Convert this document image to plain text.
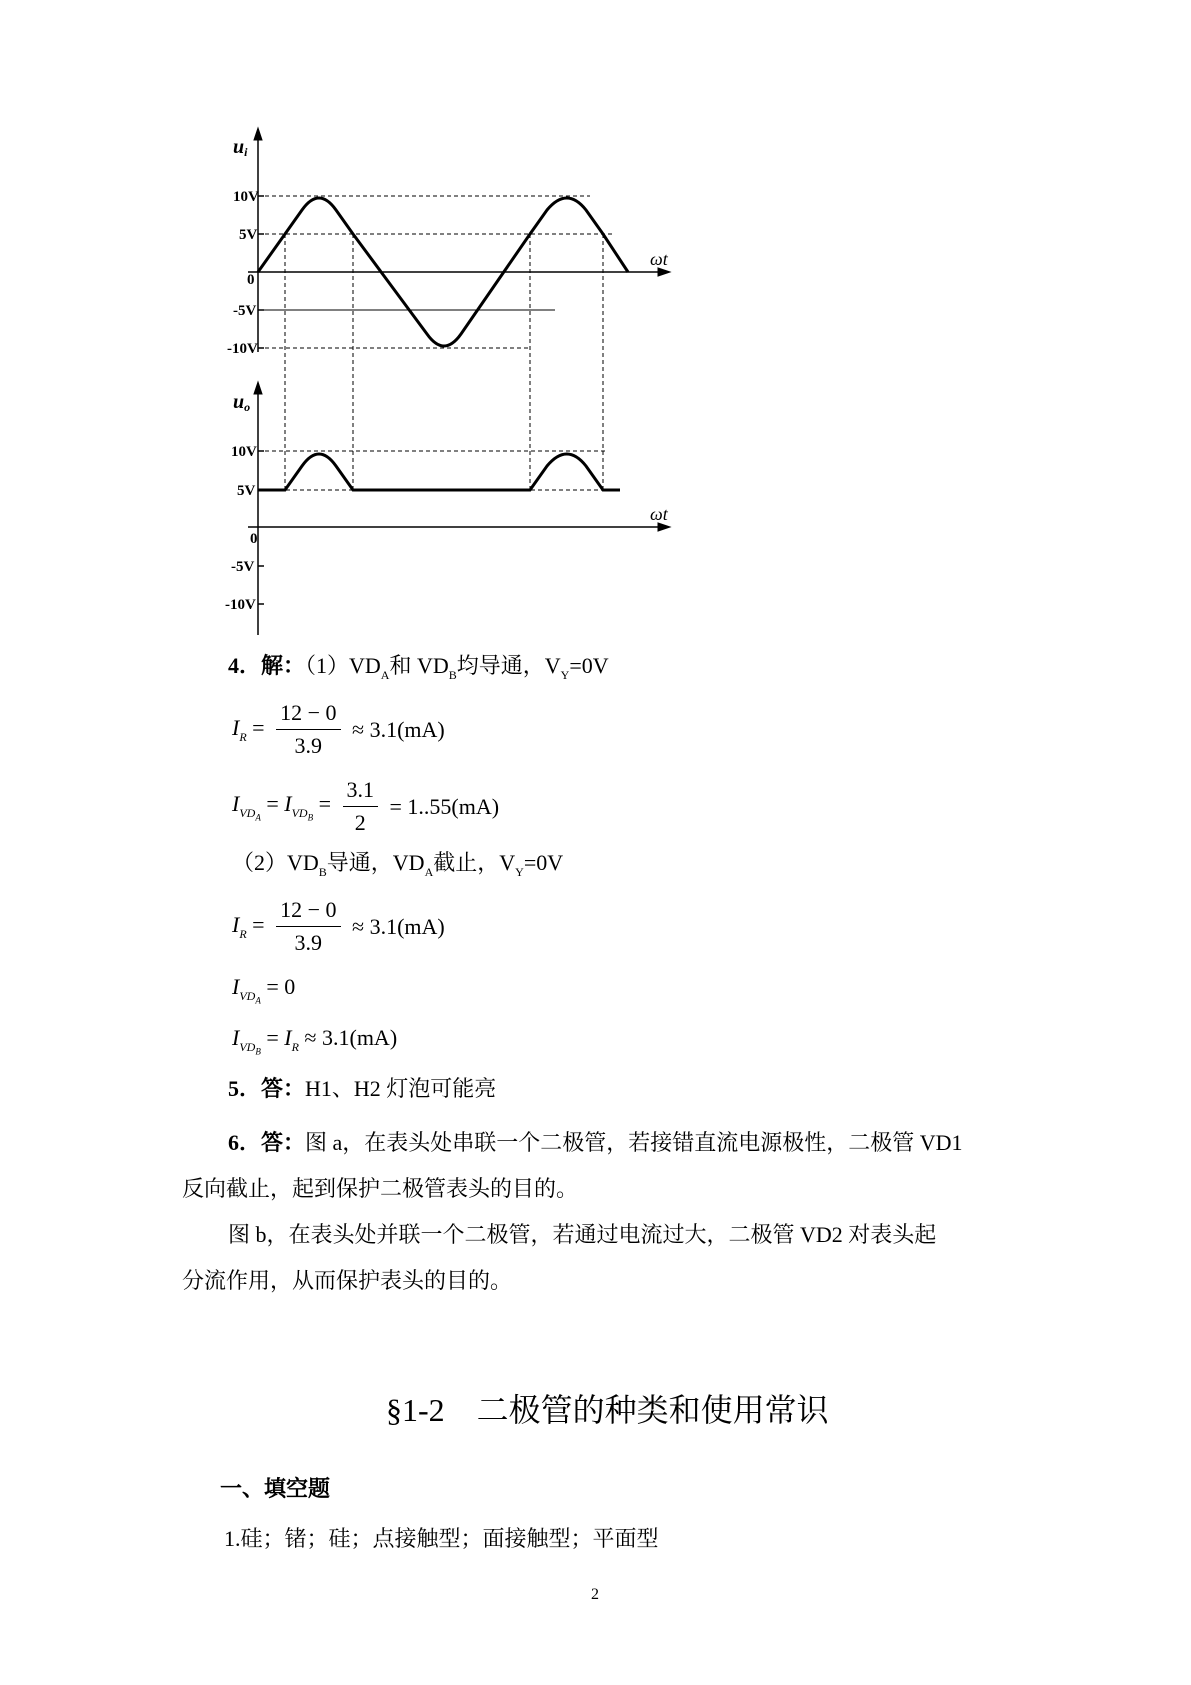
ui
10V
5V
0
-5V
-10V
ωt
uo
10V
5V
0
-5V
-10V
ωt
4．解：$(1)VD_A$和 $VD_B$均导通，$V_Y=0V$
$I_R = \frac{12 - 0}{3.9} \approx 3.1(mA)$
$I_{VD_A} = I_{VD_B} = \frac{3.1}{2} = 1..55(mA)$
$(2)VD_B$导通，$VD_A$截止，$V_Y=0V$
$I_R = \frac{12 - 0}{3.9} \approx 3.1(mA)$
$I_{VD_A} = 0$
$I_{VD_B} = I_R \approx 3.1(mA)$
5．答：H1、H2 灯泡可能亮
6．答：图 a，在表头处串联一个二极管，若接错直流电源极性，二极管 VD1
反向截止，起到保护二极管表头的目的。
图 b，在表头处并联一个二极管，若通过电流过大，二极管 VD2 对表头起
分流作用，从而保护表头的目的。
§1-2　二极管的种类和使用常识
一、填空题
1.硅；锗；硅；点接触型；面接触型；平面型
2
